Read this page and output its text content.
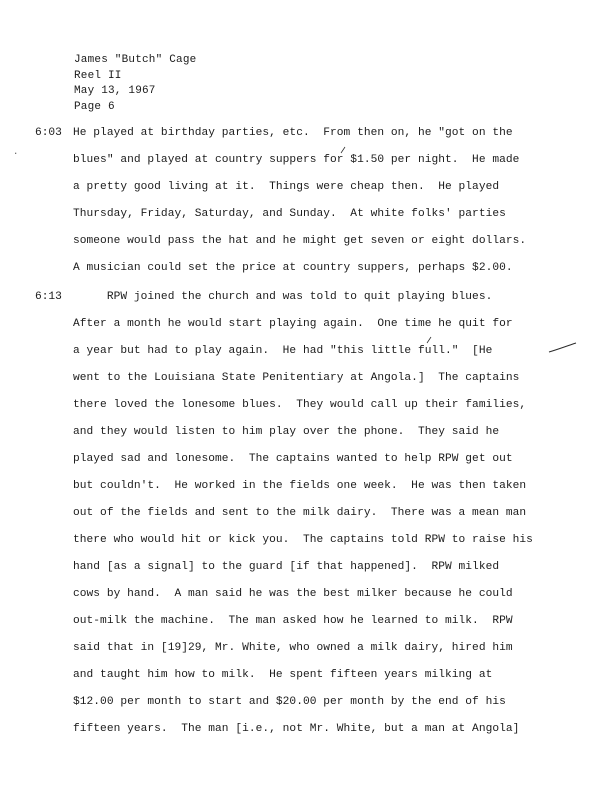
James "Butch" Cage
Reel II
May 13, 1967
Page 6
6:03
6:13
·
He played at birthday parties, etc.  From then on, he "got on the
blues" and played at country suppers for $1.50 per night.  He made
a pretty good living at it.  Things were cheap then.  He played
Thursday, Friday, Saturday, and Sunday.  At white folks' parties
someone would pass the hat and he might get seven or eight dollars.
A musician could set the price at country suppers, perhaps $2.00.
RPW joined the church and was told to quit playing blues.
After a month he would start playing again.  One time he quit for
a year but had to play again.  He had "this little full."  [He
went to the Louisiana State Penitentiary at Angola.]  The captains
there loved the lonesome blues.  They would call up their families,
and they would listen to him play over the phone.  They said he
played sad and lonesome.  The captains wanted to help RPW get out
but couldn't.  He worked in the fields one week.  He was then taken
out of the fields and sent to the milk dairy.  There was a mean man
there who would hit or kick you.  The captains told RPW to raise his
hand [as a signal] to the guard [if that happened].  RPW milked
cows by hand.  A man said he was the best milker because he could
out-milk the machine.  The man asked how he learned to milk.  RPW
said that in [19]29, Mr. White, who owned a milk dairy, hired him
and taught him how to milk.  He spent fifteen years milking at
$12.00 per month to start and $20.00 per month by the end of his
fifteen years.  The man [i.e., not Mr. White, but a man at Angola]
